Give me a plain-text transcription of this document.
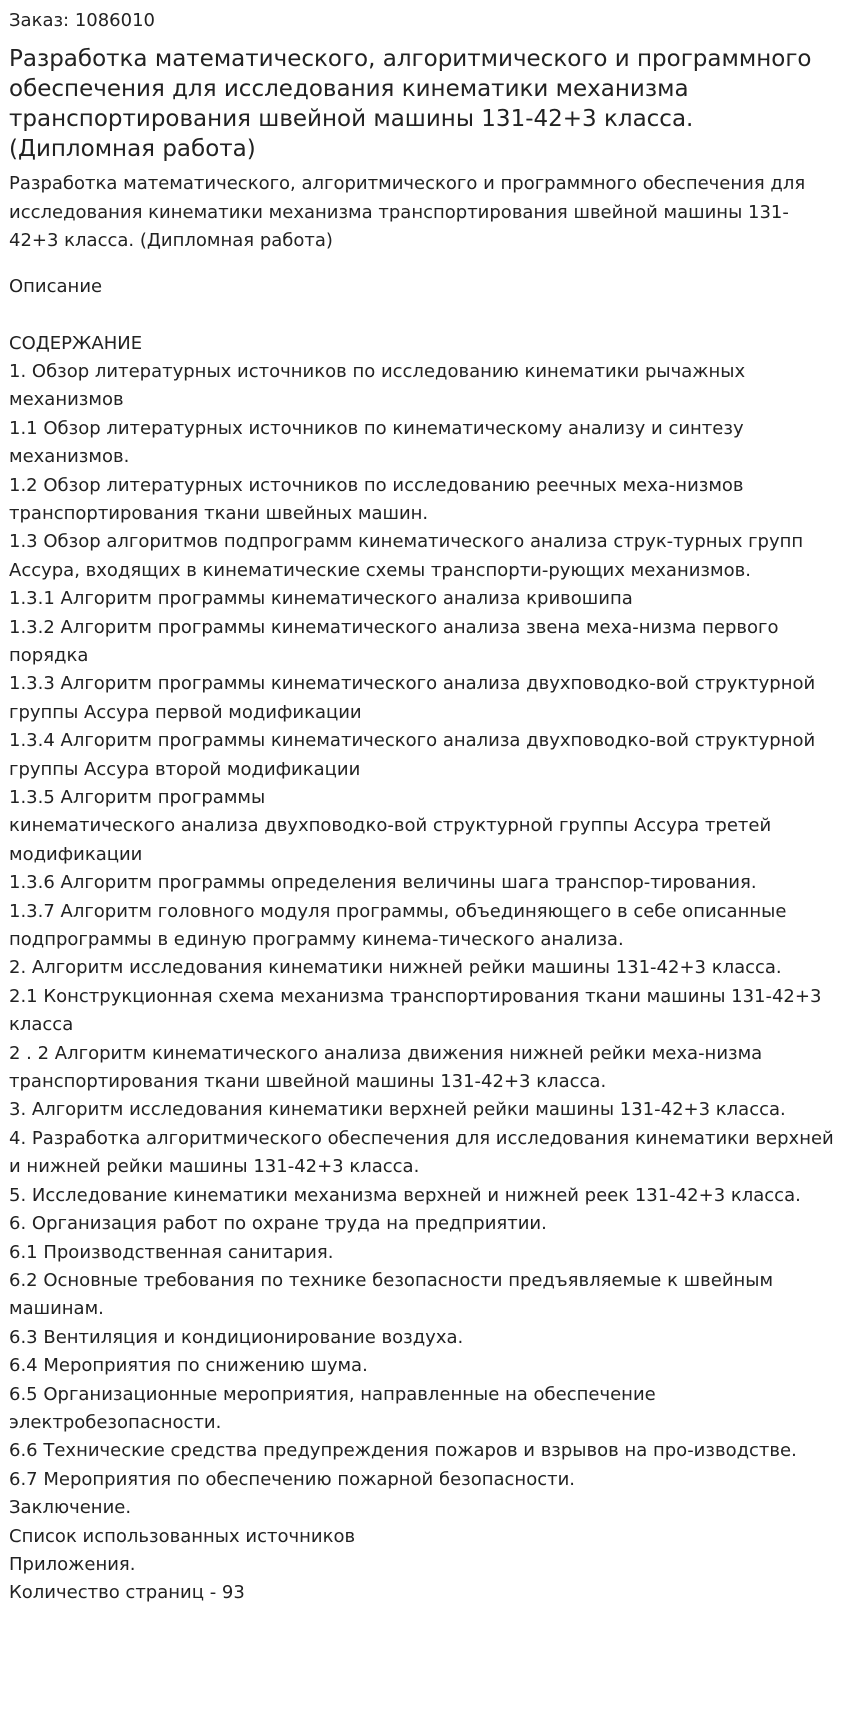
Заказ: 1086010
Разработка математического, алгоритмического и программного обеспечения для исследования кинематики механизма транспортирования швейной машины 131-42+3 класса. (Дипломная работа)
Разработка математического, алгоритмического и программного обеспечения для исследования кинематики механизма транспортирования швейной машины 131-42+3 класса. (Дипломная работа)
Описание

СОДЕРЖАНИЕ

1. Обзор литературных источников по исследованию кинематики рычажных механизмов

1.1 Обзор литературных источников по кинематическому анализу и синтезу механизмов.

1.2 Обзор литературных источников по исследованию реечных меха-низмов транспортирования ткани швейных машин.

1.3 Обзор алгоритмов подпрограмм кинематического анализа струк-турных групп Ассура, входящих в кинематические схемы транспорти-рующих механизмов.

1.3.1 Алгоритм программы кинематического анализа кривошипа

1.3.2 Алгоритм программы кинематического анализа звена меха-низма первого порядка

1.3.3 Алгоритм программы кинематического анализа двухповодко-вой структурной группы Ассура первой модификации

1.3.4 Алгоритм программы кинематического анализа двухповодко-вой структурной группы Ассура второй модификации

1.3.5 Алгоритм программы

кинематического анализа двухповодко-вой структурной группы Ассура третей модификации

1.3.6 Алгоритм программы определения величины шага транспор-тирования.

1.3.7 Алгоритм головного модуля программы, объединяющего в себе описанные подпрограммы в единую программу кинема-тического анализа.

2. Алгоритм исследования кинематики нижней рейки машины 131-42+3 класса.

2.1 Конструкционная схема механизма транспортирования ткани машины 131-42+3 класса

2 . 2 Алгоритм кинематического анализа движения нижней рейки меха-низма транспортирования ткани швейной машины 131-42+3 класса.

3. Алгоритм исследования кинематики верхней рейки машины 131-42+3 класса.

4. Разработка алгоритмического обеспечения для исследования кинематики верхней и нижней рейки машины 131-42+3 класса.

5. Исследование кинематики механизма верхней и нижней реек 131-42+3 класса.

6. Организация работ по охране труда на предприятии.

6.1 Производственная санитария.

6.2 Основные требования по технике безопасности предъявляемые к швейным машинам.

6.3 Вентиляция и кондиционирование воздуха.

6.4 Мероприятия по снижению шума.

6.5 Организационные мероприятия, направленные на обеспечение электробезопасности.

6.6 Технические средства предупреждения пожаров и взрывов на про-изводстве.

6.7 Мероприятия по обеспечению пожарной безопасности.

Заключение.

Список использованных источников

Приложения.

Количество страниц - 93
